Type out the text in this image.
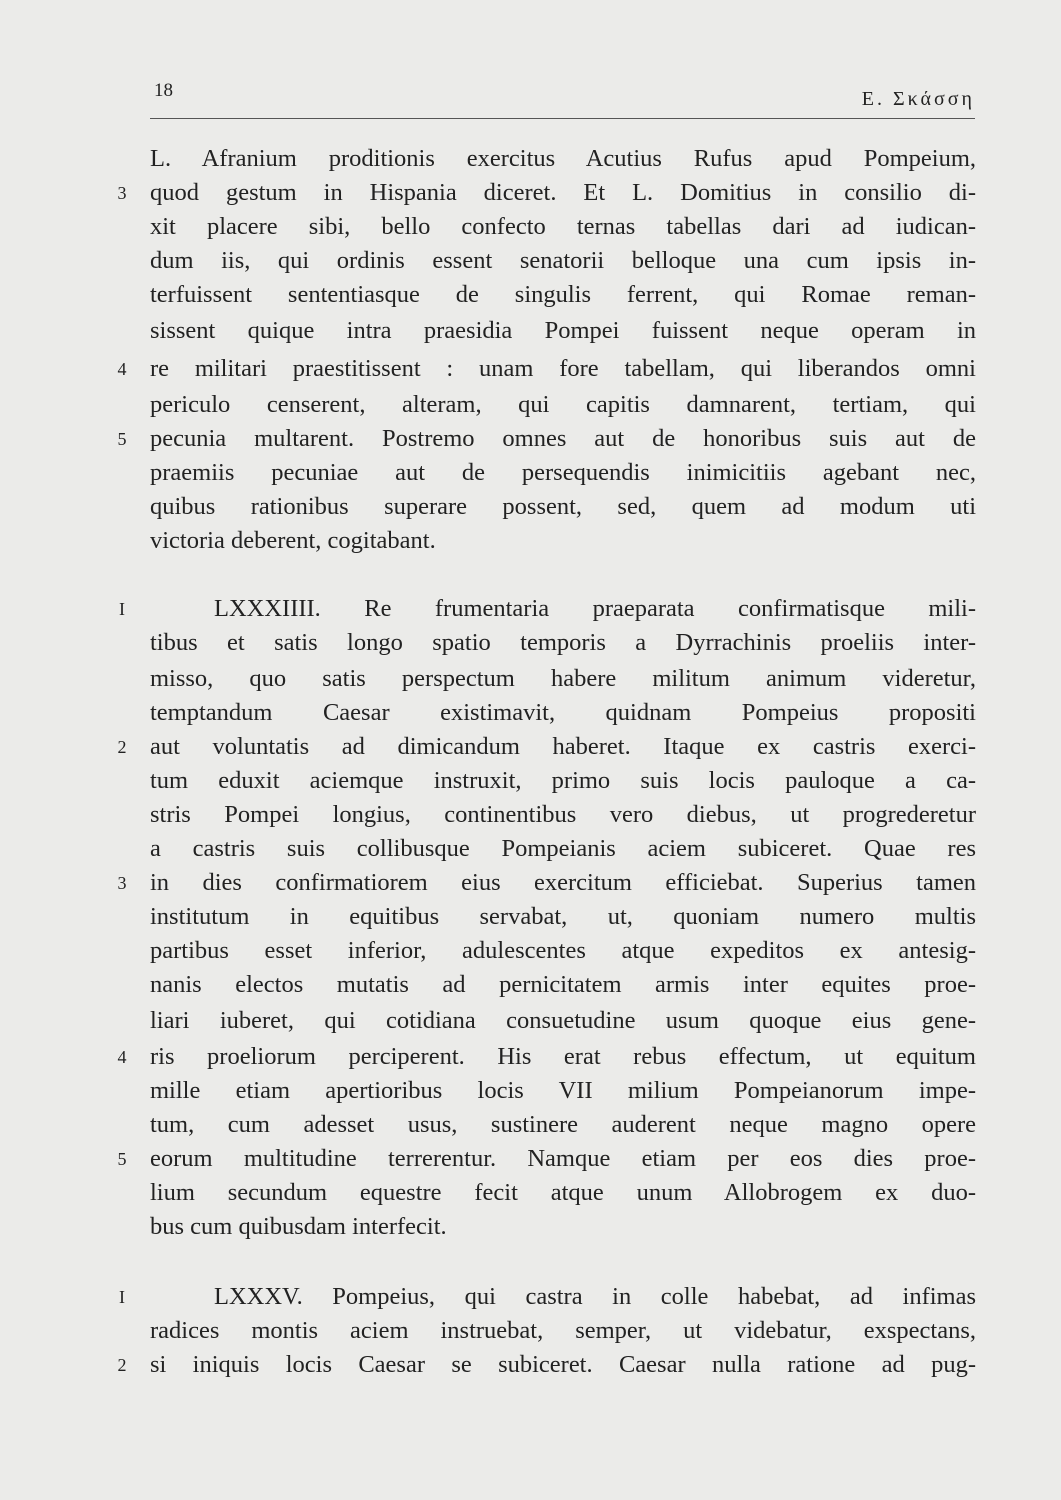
18	Ε. Σκάσση
3
4
5
I
2
3
4
5
I
2
L. Afranium proditionis exercitus Acutius Rufus apud Pompeium,
quod gestum in Hispania diceret. Et L. Domitius in consilio di-
xit placere sibi, bello confecto ternas tabellas dari ad iudican-
dum iis, qui ordinis essent senatorii belloque una cum ipsis in-
terfuissent sententiasque de singulis ferrent, qui Romae reman-
sissent quique intra praesidia Pompei fuissent neque operam in
re militari praestitissent : unam fore tabellam, qui liberandos omni
periculo censerent, alteram, qui capitis damnarent, tertiam, qui
pecunia multarent. Postremo omnes aut de honoribus suis aut de
praemiis pecuniae aut de persequendis inimicitiis agebant nec,
quibus rationibus superare possent, sed, quem ad modum uti
victoria deberent, cogitabant.
LXXXIIII. Re frumentaria praeparata confirmatisque mili-
tibus et satis longo spatio temporis a Dyrrachinis proeliis inter-
misso, quo satis perspectum habere militum animum videretur,
temptandum Caesar existimavit, quidnam Pompeius propositi
aut voluntatis ad dimicandum haberet. Itaque ex castris exerci-
tum eduxit aciemque instruxit, primo suis locis pauloque a ca-
stris Pompei longius, continentibus vero diebus, ut progrederetur
a castris suis collibusque Pompeianis aciem subiceret. Quae res
in dies confirmatiorem eius exercitum efficiebat. Superius tamen
institutum in equitibus servabat, ut, quoniam numero multis
partibus esset inferior, adulescentes atque expeditos ex antesig-
nanis electos mutatis ad pernicitatem armis inter equites proe-
liari iuberet, qui cotidiana consuetudine usum quoque eius gene-
ris proeliorum perciperent. His erat rebus effectum, ut equitum
mille etiam apertioribus locis VII milium Pompeianorum impe-
tum, cum adesset usus, sustinere auderent neque magno opere
eorum multitudine terrerentur. Namque etiam per eos dies proe-
lium secundum equestre fecit atque unum Allobrogem ex duo-
bus cum quibusdam interfecit.
LXXXV. Pompeius, qui castra in colle habebat, ad infimas
radices montis aciem instruebat, semper, ut videbatur, exspectans,
si iniquis locis Caesar se subiceret. Caesar nulla ratione ad pug-
